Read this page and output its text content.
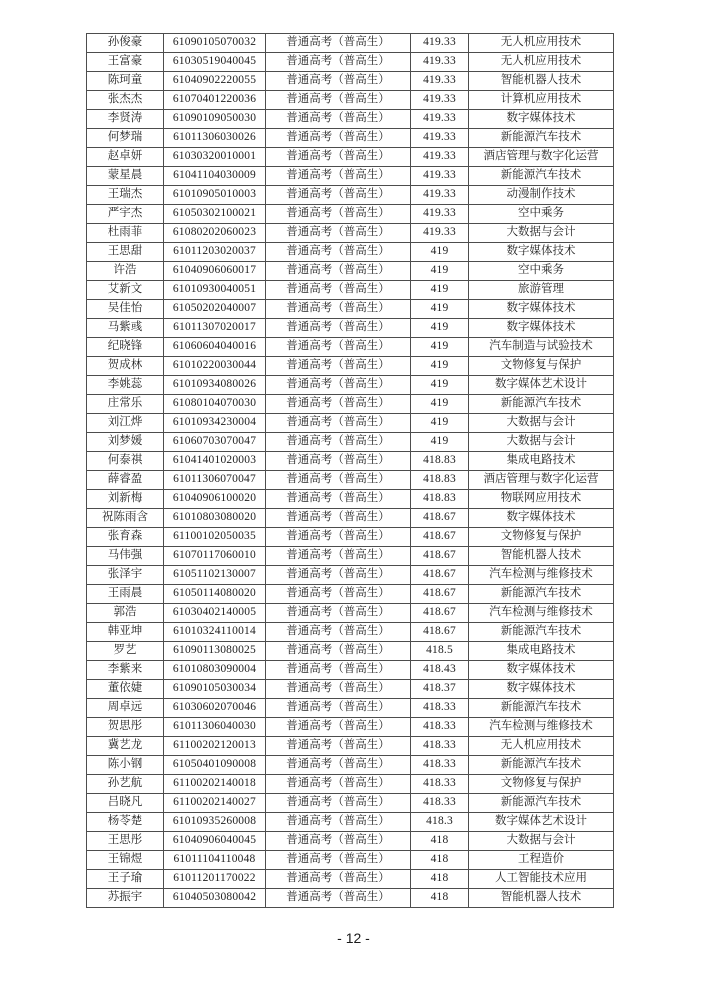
孙俊豪	61090105070032	普通高考（普高生）	419.33	无人机应用技术
王富豪	61030519040045	普通高考（普高生）	419.33	无人机应用技术
陈珂童	61040902220055	普通高考（普高生）	419.33	智能机器人技术
张杰杰	61070401220036	普通高考（普高生）	419.33	计算机应用技术
李贤涛	61090109050030	普通高考（普高生）	419.33	数字媒体技术
何梦瑞	61011306030026	普通高考（普高生）	419.33	新能源汽车技术
赵卓妍	61030320010001	普通高考（普高生）	419.33	酒店管理与数字化运营
蒙星晨	61041104030009	普通高考（普高生）	419.33	新能源汽车技术
王瑞杰	61010905010003	普通高考（普高生）	419.33	动漫制作技术
严宇杰	61050302100021	普通高考（普高生）	419.33	空中乘务
杜雨菲	61080202060023	普通高考（普高生）	419.33	大数据与会计
王思甜	61011203020037	普通高考（普高生）	419	数字媒体技术
许浩	61040906060017	普通高考（普高生）	419	空中乘务
艾新文	61010930040051	普通高考（普高生）	419	旅游管理
吴佳怡	61050202040007	普通高考（普高生）	419	数字媒体技术
马紫彧	61011307020017	普通高考（普高生）	419	数字媒体技术
纪晓锋	61060604040016	普通高考（普高生）	419	汽车制造与试验技术
贺成林	61010220030044	普通高考（普高生）	419	文物修复与保护
李姚蕊	61010934080026	普通高考（普高生）	419	数字媒体艺术设计
庄常乐	61080104070030	普通高考（普高生）	419	新能源汽车技术
刘江烨	61010934230004	普通高考（普高生）	419	大数据与会计
刘梦媛	61060703070047	普通高考（普高生）	419	大数据与会计
何泰祺	61041401020003	普通高考（普高生）	418.83	集成电路技术
薛睿盈	61011306070047	普通高考（普高生）	418.83	酒店管理与数字化运营
刘新梅	61040906100020	普通高考（普高生）	418.83	物联网应用技术
祝陈雨含	61010803080020	普通高考（普高生）	418.67	数字媒体技术
张育森	61100102050035	普通高考（普高生）	418.67	文物修复与保护
马伟强	61070117060010	普通高考（普高生）	418.67	智能机器人技术
张泽宇	61051102130007	普通高考（普高生）	418.67	汽车检测与维修技术
王雨晨	61050114080020	普通高考（普高生）	418.67	新能源汽车技术
郭浩	61030402140005	普通高考（普高生）	418.67	汽车检测与维修技术
韩亚坤	61010324110014	普通高考（普高生）	418.67	新能源汽车技术
罗艺	61090113080025	普通高考（普高生）	418.5	集成电路技术
李紫来	61010803090004	普通高考（普高生）	418.43	数字媒体技术
董依婕	61090105030034	普通高考（普高生）	418.37	数字媒体技术
周卓远	61030602070046	普通高考（普高生）	418.33	新能源汽车技术
贺思彤	61011306040030	普通高考（普高生）	418.33	汽车检测与维修技术
冀艺龙	61100202120013	普通高考（普高生）	418.33	无人机应用技术
陈小钢	61050401090008	普通高考（普高生）	418.33	新能源汽车技术
孙艺航	61100202140018	普通高考（普高生）	418.33	文物修复与保护
吕晓凡	61100202140027	普通高考（普高生）	418.33	新能源汽车技术
杨苓楚	61010935260008	普通高考（普高生）	418.3	数字媒体艺术设计
王思彤	61040906040045	普通高考（普高生）	418	大数据与会计
王锦煜	61011104110048	普通高考（普高生）	418	工程造价
王子瑜	61011201170022	普通高考（普高生）	418	人工智能技术应用
苏振宇	61040503080042	普通高考（普高生）	418	智能机器人技术
- 12 -
